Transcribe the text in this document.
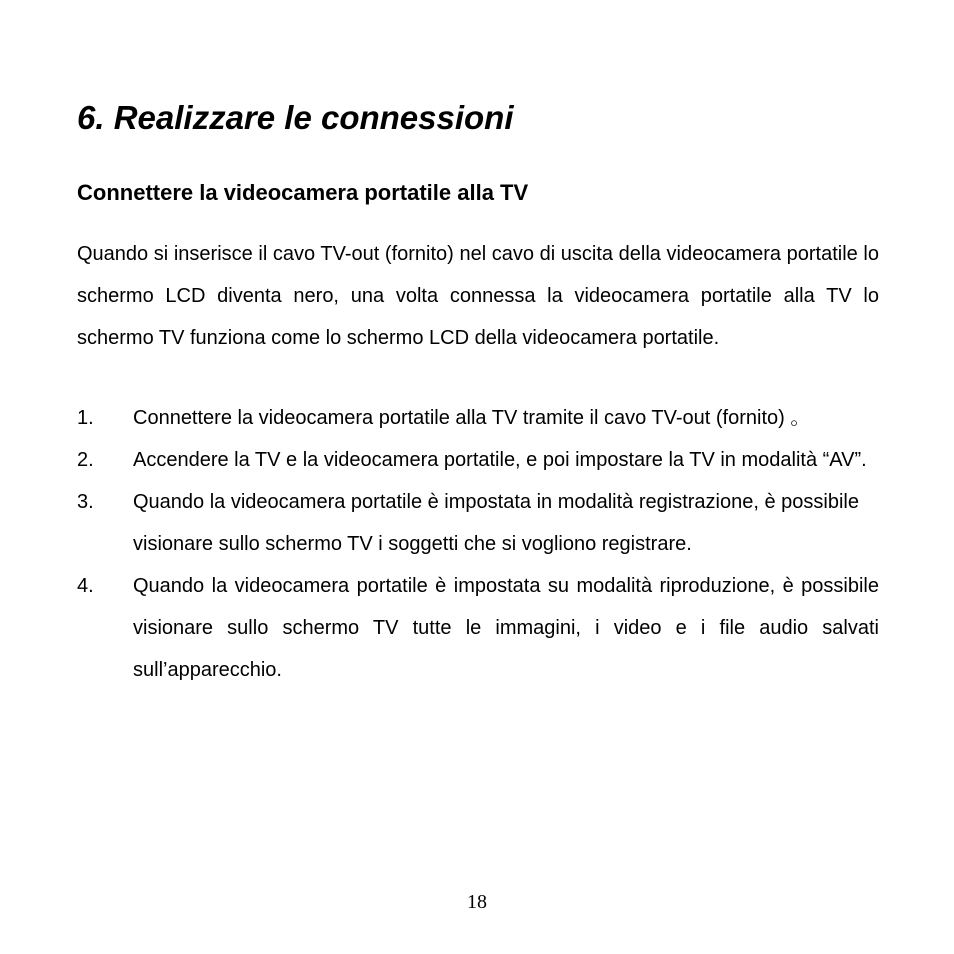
6. Realizzare le connessioni
Connettere la videocamera portatile alla TV

Quando si inserisce il cavo TV-out (fornito) nel cavo di uscita della videocamera portatile lo schermo LCD diventa nero, una volta connessa la videocamera portatile alla TV lo schermo TV funziona come lo schermo LCD della videocamera portatile.

1. Connettere la videocamera portatile alla TV tramite il cavo TV-out (fornito) 。
2. Accendere la TV e la videocamera portatile, e poi impostare la TV in modalità “AV”.
3. Quando la videocamera portatile è impostata in modalità registrazione, è possibile visionare sullo schermo TV i soggetti che si vogliono registrare.
4. Quando la videocamera portatile è impostata su modalità riproduzione, è possibile visionare sullo schermo TV tutte le immagini, i video e i file audio salvati sull’apparecchio.
18
